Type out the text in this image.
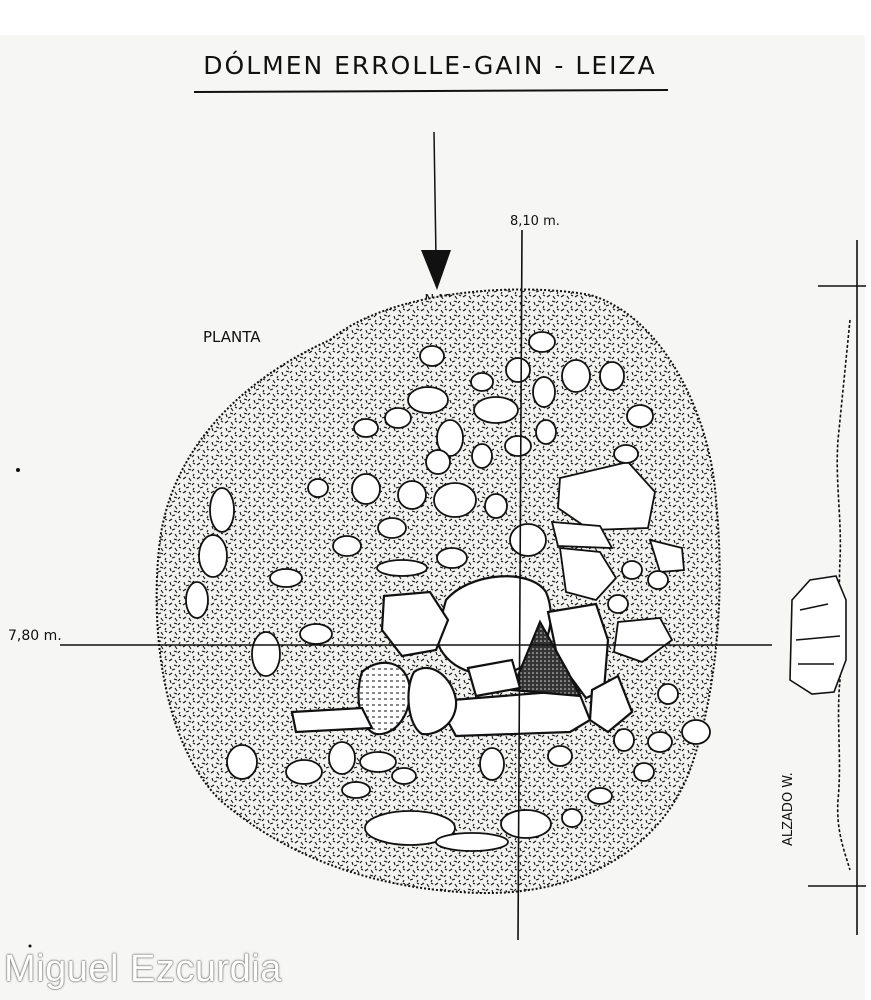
DÓLMEN ERROLLE-GAIN - LEIZA
PLANTA
8,10 m.
7,80 m.
ALZADO W.
Miguel Ezcurdia
